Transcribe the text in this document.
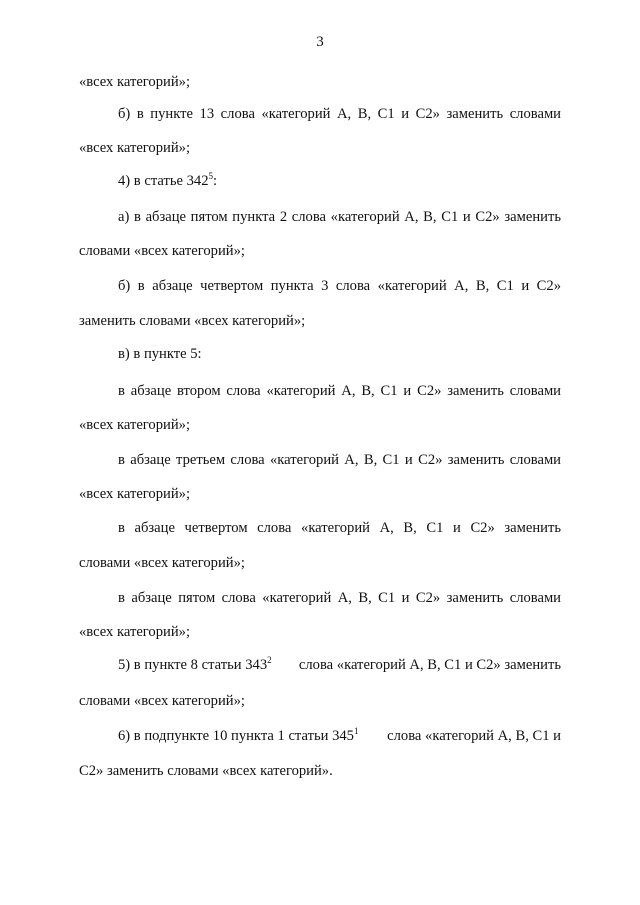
3
«всех категорий»;
б) в пункте 13 слова «категорий A, B, C1 и C2» заменить словами
«всех категорий»;
4) в статье $342^5$:
а) в абзаце пятом пункта 2 слова «категорий A, B, C1 и C2» заменить
словами «всех категорий»;
б) в абзаце четвертом пункта 3 слова «категорий A, B, C1 и C2»
заменить словами «всех категорий»;
в) в пункте 5:
в абзаце втором слова «категорий A, B, C1 и C2» заменить словами
«всех категорий»;
в абзаце третьем слова «категорий A, B, C1 и C2» заменить словами
«всех категорий»;
в абзаце четвертом слова «категорий A, B, C1 и C2» заменить
словами «всех категорий»;
в абзаце пятом слова «категорий A, B, C1 и C2» заменить словами
«всех категорий»;
5) в пункте 8 статьи $343^2$ слова «категорий A, B, C1 и C2» заменить
словами «всех категорий»;
6) в подпункте 10 пункта 1 статьи $345^1$ слова «категорий A, B, C1 и
C2» заменить словами «всех категорий».
